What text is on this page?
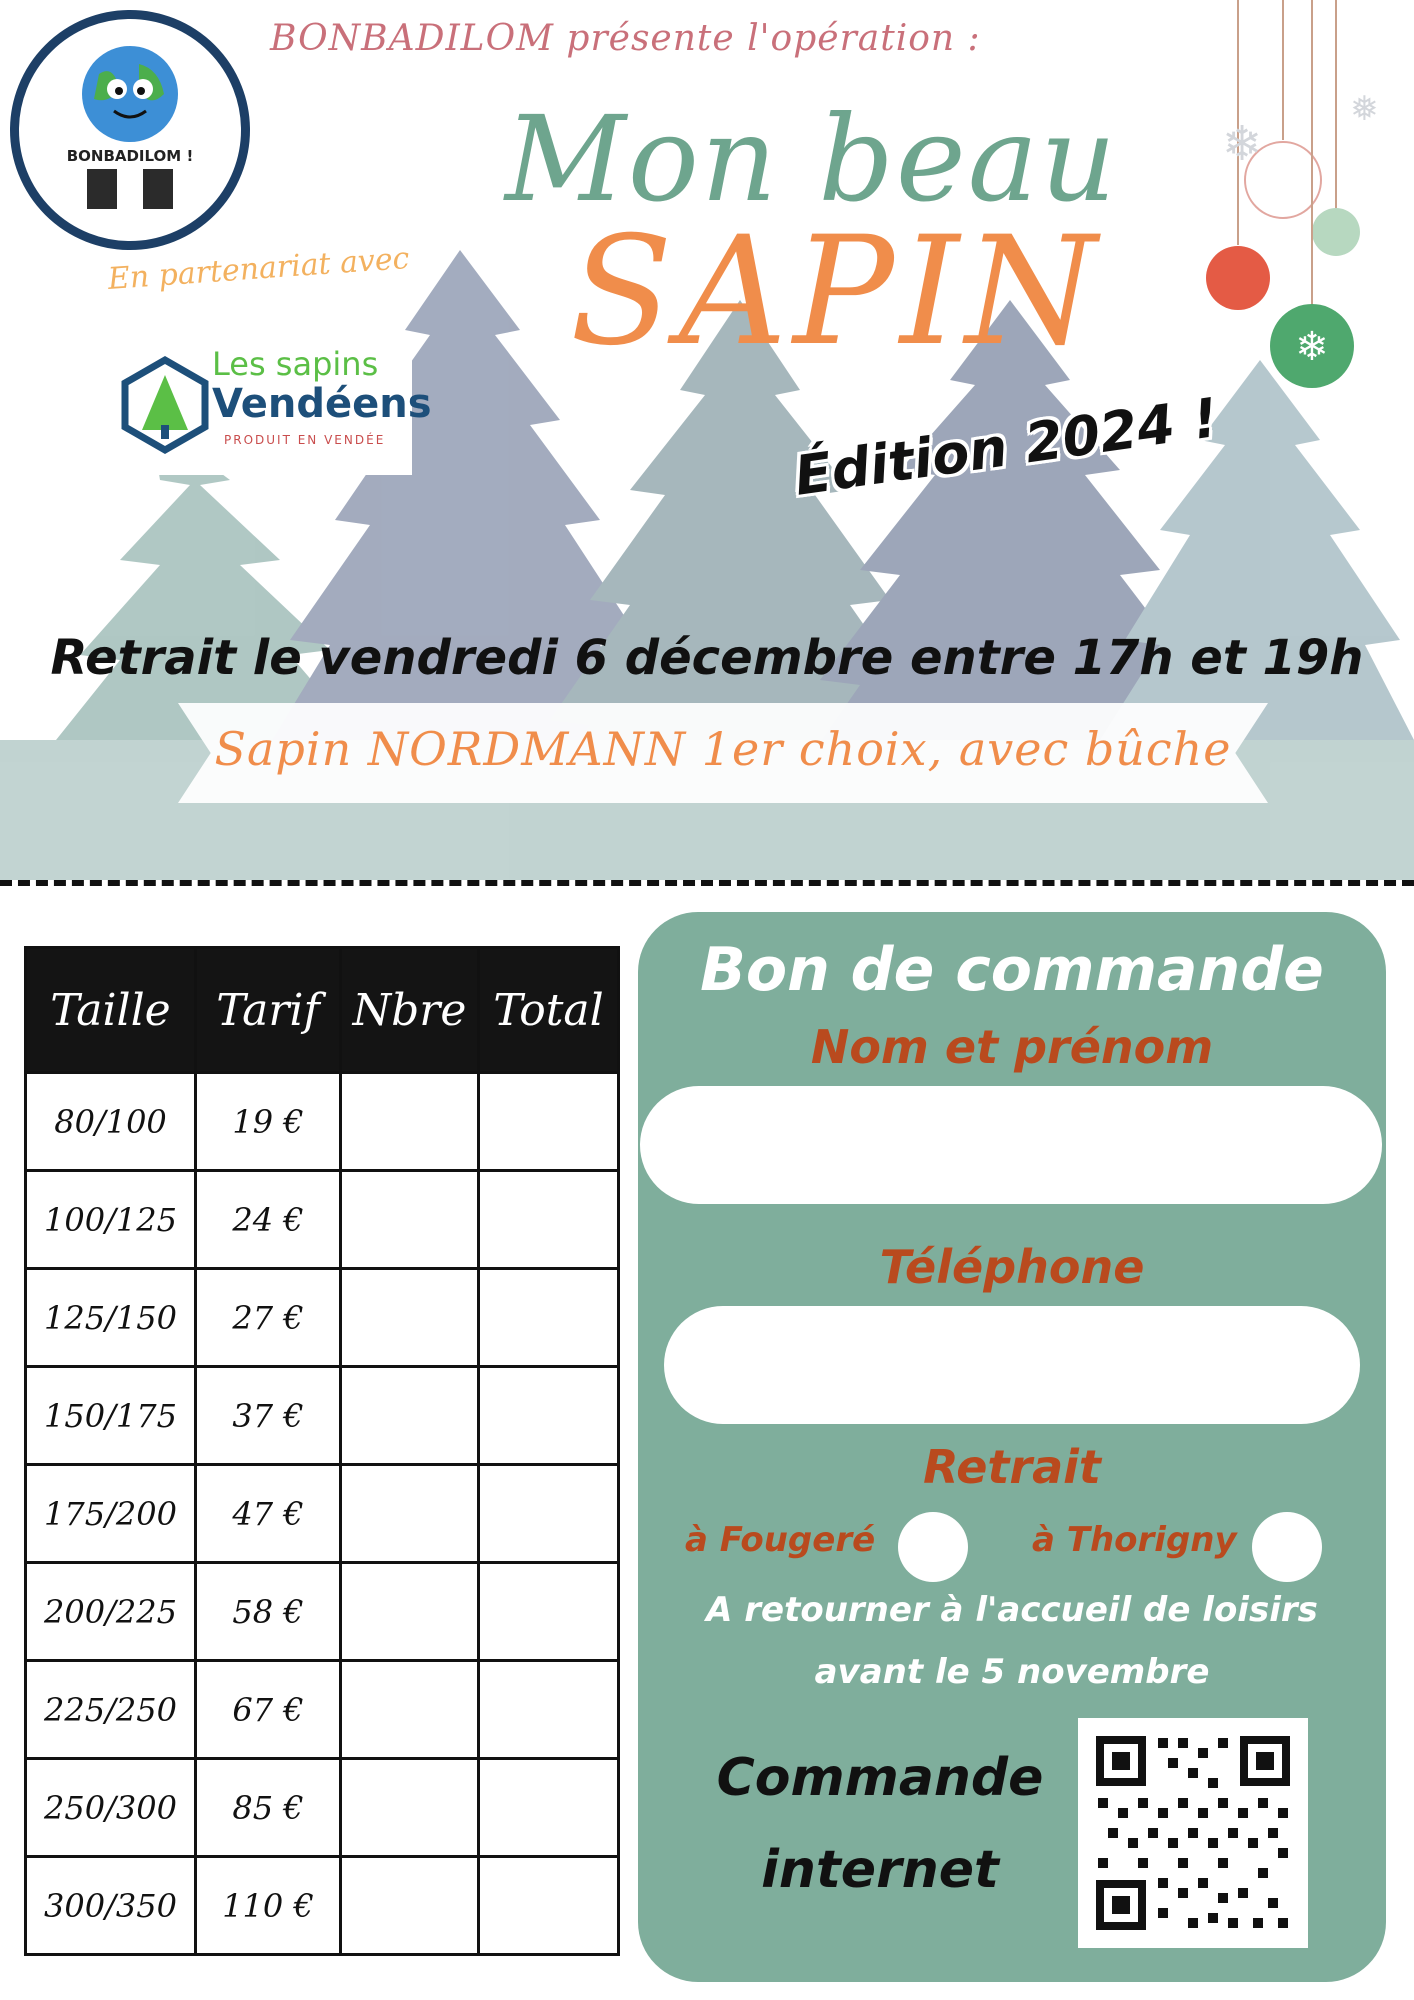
❄
❄
❅
BONBADILOM présente l'opération :
Mon beau
SAPIN
En partenariat avec
BONBADILOM !
Les sapins
Vendéens
PRODUIT EN VENDÉE	Édition 2024 !
Retrait le vendredi 6 décembre entre 17h et 19h
Sapin NORDMANN 1er choix, avec bûche
Taille	Tarif	Nbre	Total
80/100	19 €		
100/125	24 €		
125/150	27 €		
150/175	37 €		
175/200	47 €		
200/225	58 €		
225/250	67 €		
250/300	85 €		
300/350	110 €		
Bon de commande
Nom et prénom
Téléphone
Retrait
à Fougeré	à Thorigny
A retourner à l'accueil de loisirs
avant le 5 novembre
Commande
internet
